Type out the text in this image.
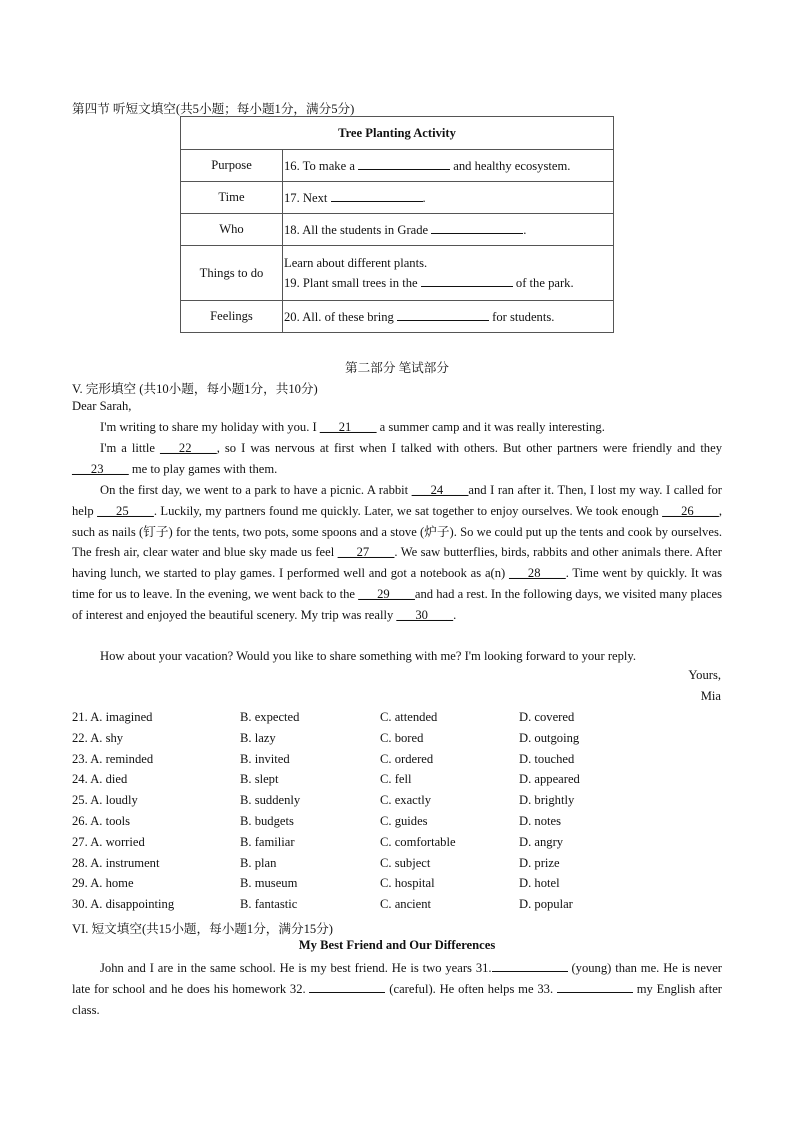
第四节 听短文填空(共5小题；每小题1分，满分5分)
Tree Planting Activity	
Purpose	16. To make a and healthy ecosystem.
Time	17. Next .
Who	18. All the students in Grade .
Things to do	Learn about different plants.
19. Plant small trees in the of the park.

Feelings	20. All. of these bring for students.
第二部分 笔试部分
V. 完形填空 (共10小题，每小题1分，共10分)
Dear Sarah,
I'm writing to share my holiday with you. I ___21____ a summer camp and it was really interesting.
I'm a little ___22____, so I was nervous at first when I talked with others. But other partners were friendly and they ___23____ me to play games with them.
On the first day, we went to a park to have a picnic. A rabbit ___24____and I ran after it. Then, I lost my way. I called for help ___25____. Luckily, my partners found me quickly. Later, we sat together to enjoy ourselves. We took enough ___26____, such as nails (钉子) for the tents, two pots, some spoons and a stove (炉子). So we could put up the tents and cook by ourselves. The fresh air, clear water and blue sky made us feel ___27____. We saw butterflies, birds, rabbits and other animals there. After having lunch, we started to play games. I performed well and got a notebook as a(n) ___28____. Time went by quickly. It was time for us to leave. In the evening, we went back to the ___29____and had a rest. In the following days, we visited many places of interest and enjoyed the beautiful scenery. My trip was really ___30____.
How about your vacation? Would you like to share something with me? I'm looking forward to your reply.
Yours,
Mia
21. A. imagined	B. expected	C. attended	D. covered
22. A. shy	B. lazy	C. bored	D. outgoing
23. A. reminded	B. invited	C. ordered	D. touched
24. A. died	B. slept	C. fell	D. appeared
25. A. loudly	B. suddenly	C. exactly	D. brightly
26. A. tools	B. budgets	C. guides	D. notes
27. A. worried	B. familiar	C. comfortable	D. angry
28. A. instrument	B. plan	C. subject	D. prize
29. A. home	B. museum	C. hospital	D. hotel
30. A. disappointing	B. fantastic	C. ancient	D. popular
VI. 短文填空(共15小题，每小题1分，满分15分)
My Best Friend and Our Differences
John and I are in the same school. He is my best friend. He is two years 31.	(young) than me. He is never late for school and he does his homework 32.	(careful). He often helps me 33.	my English after class.
